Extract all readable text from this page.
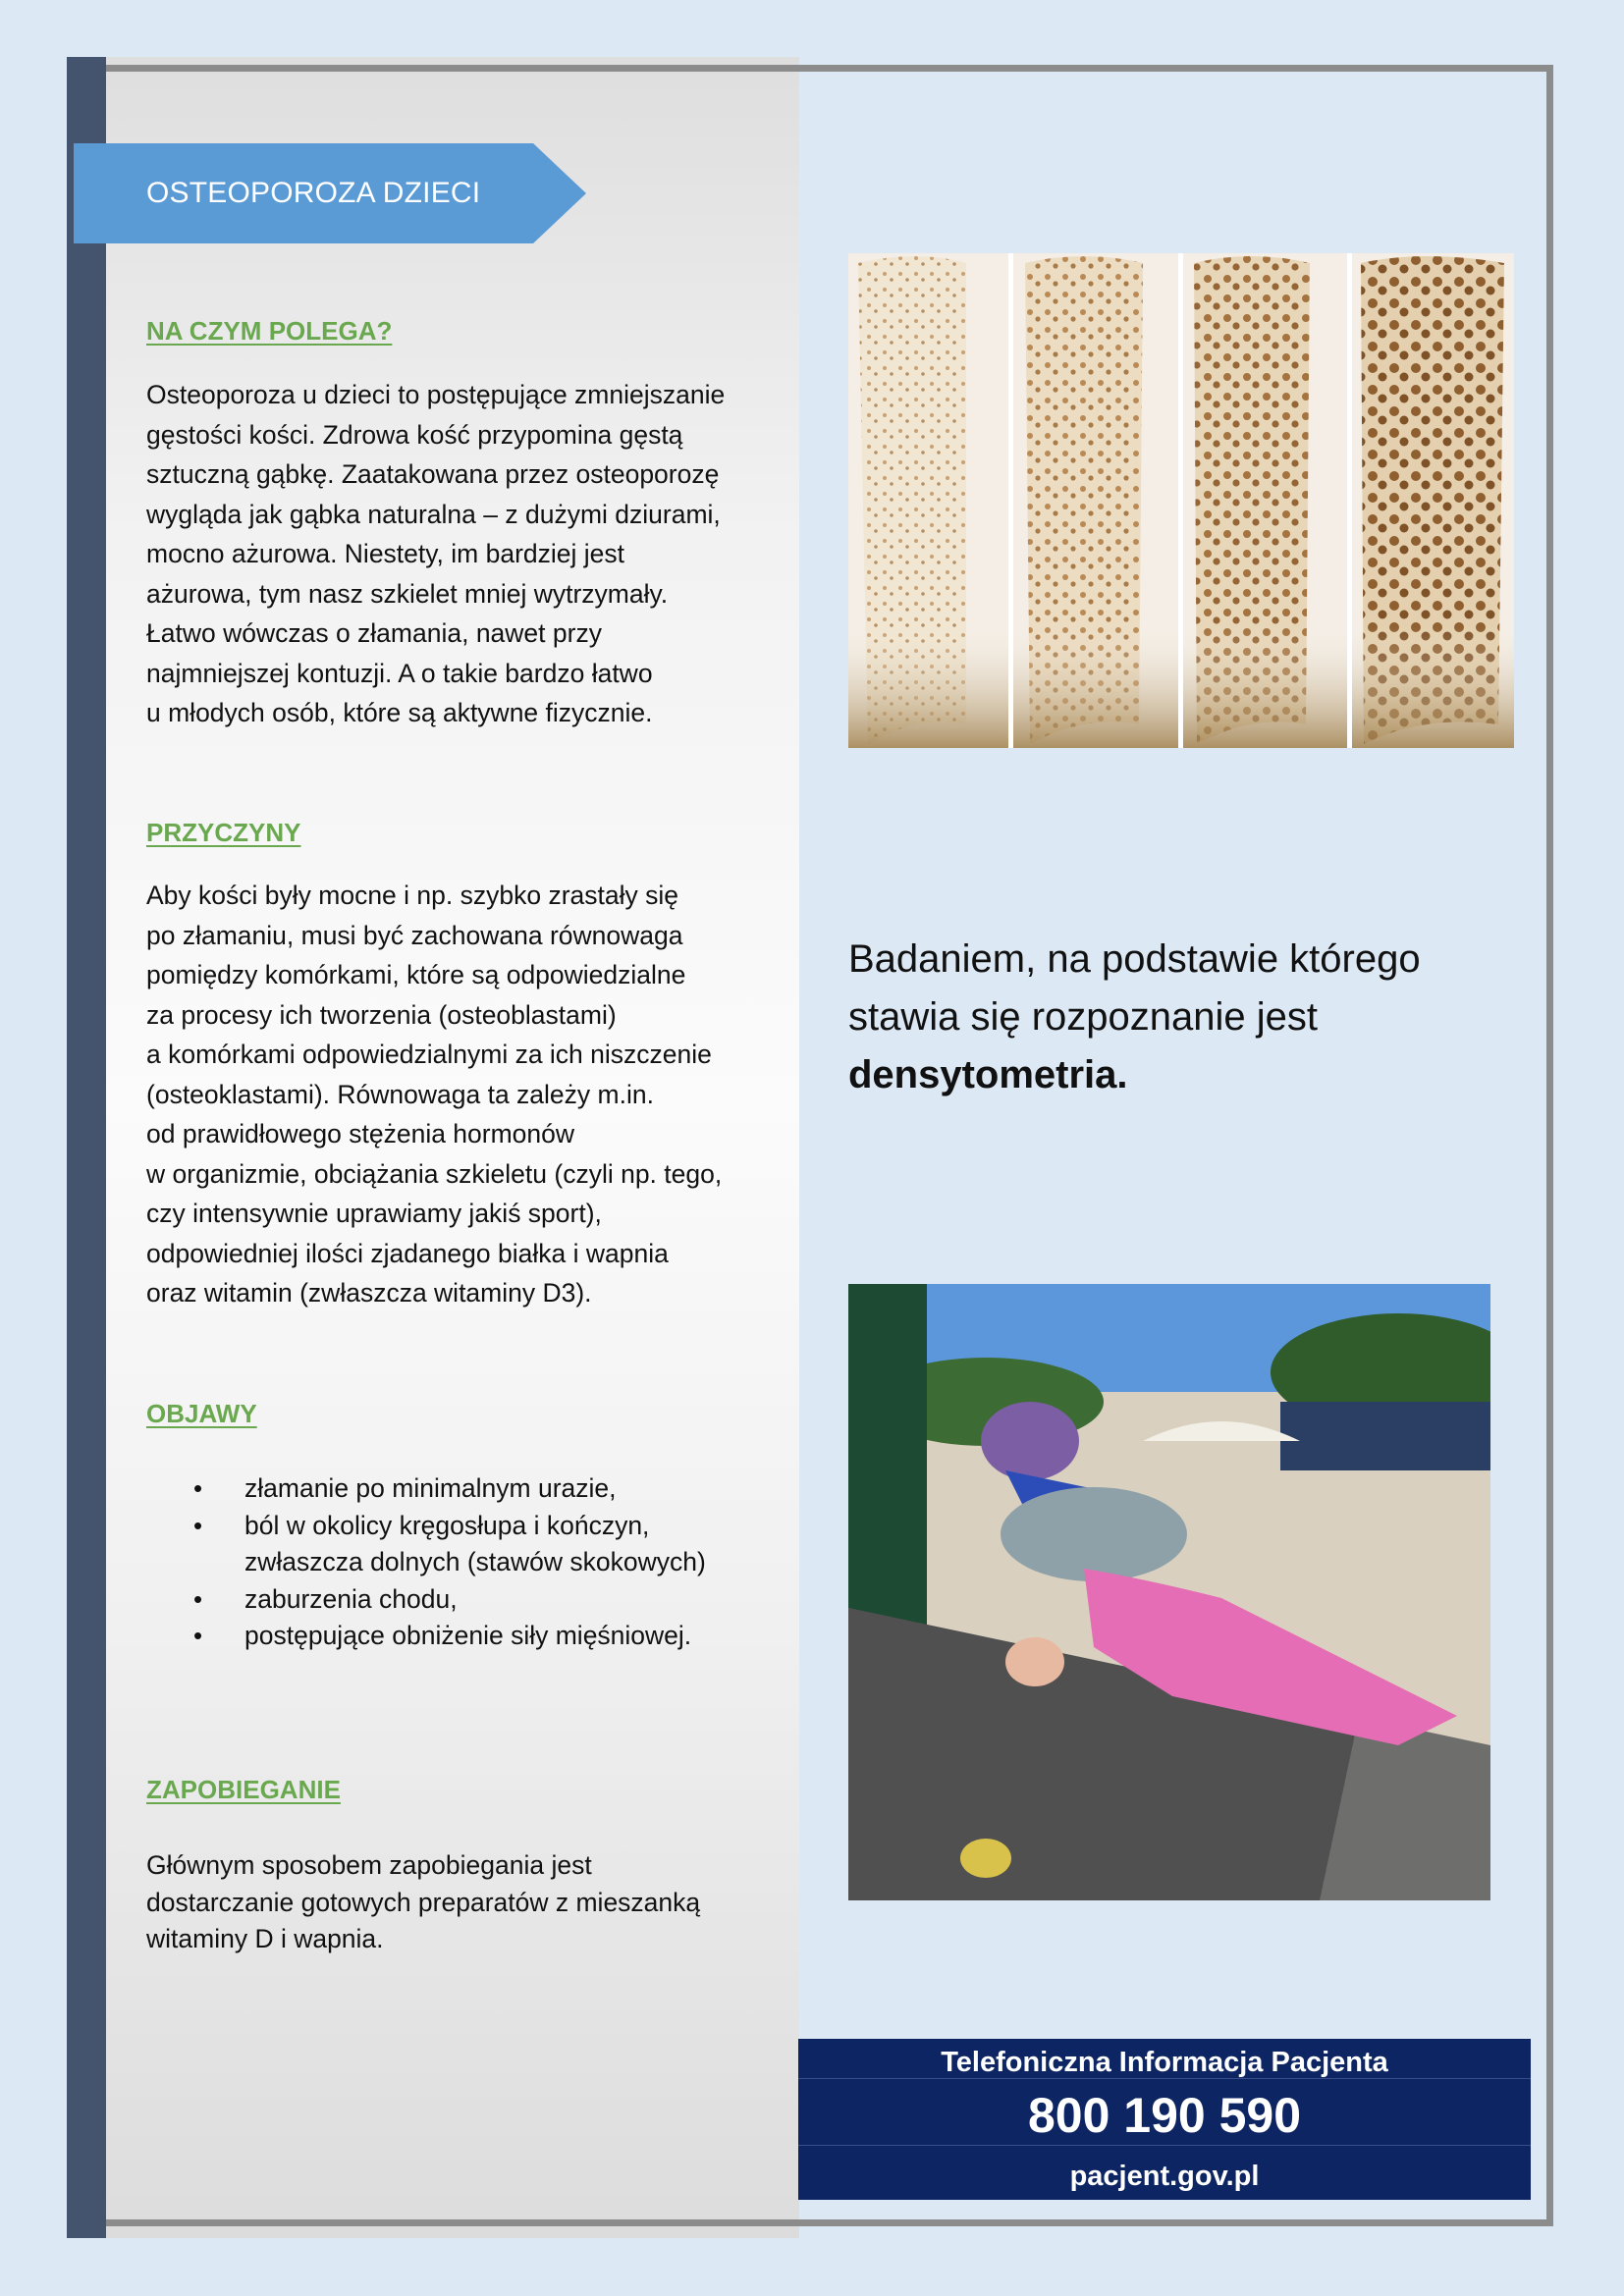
OSTEOPOROZA DZIECI
NA CZYM POLEGA?
Osteoporoza u dzieci to postępujące zmniejszanie
gęstości kości. Zdrowa kość przypomina gęstą
sztuczną gąbkę. Zaatakowana przez osteoporozę
wygląda jak gąbka naturalna – z dużymi dziurami,
mocno ażurowa. Niestety, im bardziej jest
ażurowa, tym nasz szkielet mniej wytrzymały.
Łatwo wówczas o złamania, nawet przy
najmniejszej kontuzji. A o takie bardzo łatwo
u młodych osób, które są aktywne fizycznie.
PRZYCZYNY
Aby kości były mocne i np. szybko zrastały się
po złamaniu, musi być zachowana równowaga
pomiędzy komórkami, które są odpowiedzialne
za procesy ich tworzenia (osteoblastami)
a komórkami odpowiedzialnymi za ich niszczenie
(osteoklastami). Równowaga ta zależy m.in.
od prawidłowego stężenia hormonów
w organizmie, obciążania szkieletu (czyli np. tego,
czy intensywnie uprawiamy jakiś sport),
odpowiedniej ilości zjadanego białka i wapnia
oraz witamin (zwłaszcza witaminy D3).
OBJAWY
• złamanie po minimalnym urazie,
• ból w okolicy kręgosłupa i kończyn,
zwłaszcza dolnych (stawów skokowych)
• zaburzenia chodu,
• postępujące obniżenie siły mięśniowej.
ZAPOBIEGANIE
Głównym sposobem zapobiegania jest
dostarczanie gotowych preparatów z mieszanką
witaminy D i wapnia.
Badaniem, na podstawie którego
stawia się rozpoznanie jest
densytometria.
Telefoniczna Informacja Pacjenta
800 190 590
pacjent.gov.pl
